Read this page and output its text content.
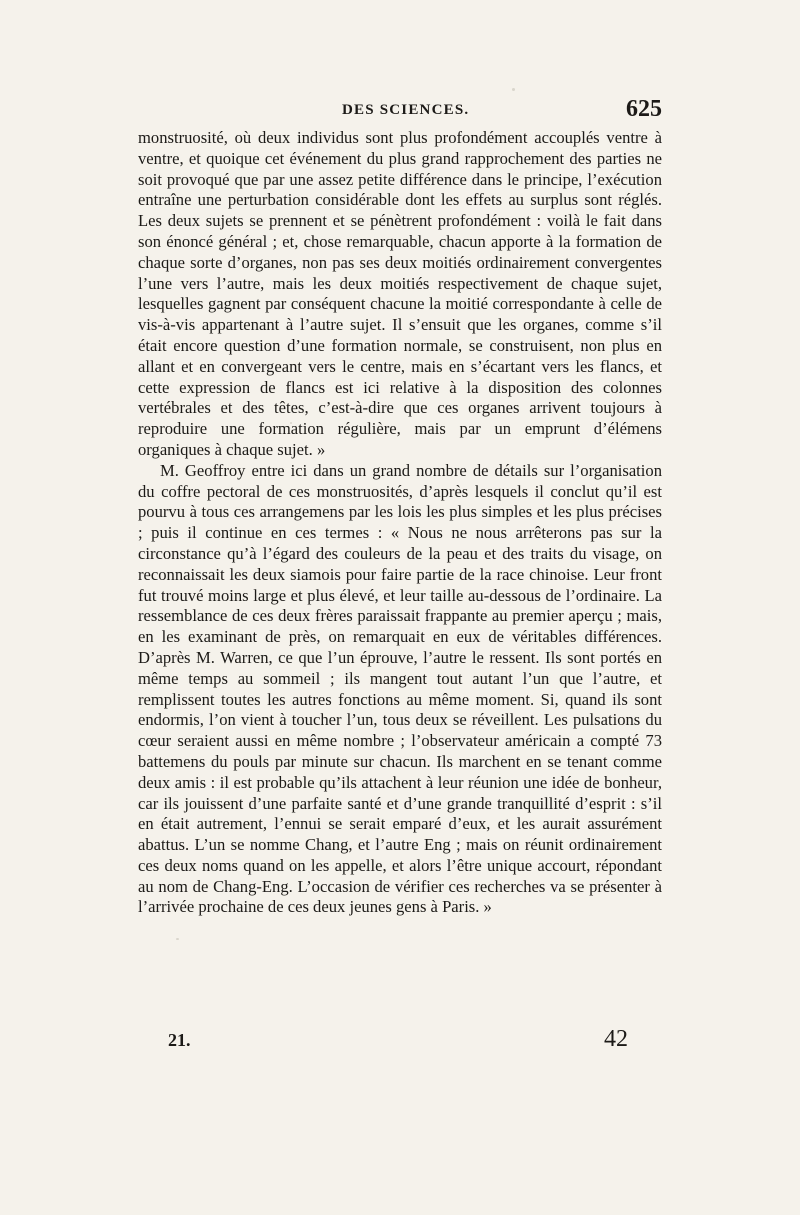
DES SCIENCES.	625

monstruosité, où deux individus sont plus profondément accouplés ventre à ventre, et quoique cet événement du plus grand rapprochement des parties ne soit provoqué que par une assez petite différence dans le principe, l’exécution entraîne une perturbation considérable dont les effets au surplus sont réglés. Les deux sujets se prennent et se pénètrent profondément : voilà le fait dans son énoncé général ; et, chose remarquable, chacun apporte à la formation de chaque sorte d’organes, non pas ses deux moitiés ordinairement convergentes l’une vers l’autre, mais les deux moitiés respectivement de chaque sujet, lesquelles gagnent par conséquent chacune la moitié correspondante à celle de vis-à-vis appartenant à l’autre sujet. Il s’ensuit que les organes, comme s’il était encore question d’une formation normale, se construisent, non plus en allant et en convergeant vers le centre, mais en s’écartant vers les flancs, et cette expression de flancs est ici relative à la disposition des colonnes vertébrales et des têtes, c’est-à-dire que ces organes arrivent toujours à reproduire une formation régulière, mais par un emprunt d’élémens organiques à chaque sujet. »

M. Geoffroy entre ici dans un grand nombre de détails sur l’organisation du coffre pectoral de ces monstruosités, d’après lesquels il conclut qu’il est pourvu à tous ces arrangemens par les lois les plus simples et les plus précises ; puis il continue en ces termes : « Nous ne nous arrêterons pas sur la circonstance qu’à l’égard des couleurs de la peau et des traits du visage, on reconnaissait les deux siamois pour faire partie de la race chinoise. Leur front fut trouvé moins large et plus élevé, et leur taille au-dessous de l’ordinaire. La ressemblance de ces deux frères paraissait frappante au premier aperçu ; mais, en les examinant de près, on remarquait en eux de véritables différences. D’après M. Warren, ce que l’un éprouve, l’autre le ressent. Ils sont portés en même temps au sommeil ; ils mangent tout autant l’un que l’autre, et remplissent toutes les autres fonctions au même moment. Si, quand ils sont endormis, l’on vient à toucher l’un, tous deux se réveillent. Les pulsations du cœur seraient aussi en même nombre ; l’observateur américain a compté 73 battemens du pouls par minute sur chacun. Ils marchent en se tenant comme deux amis : il est probable qu’ils attachent à leur réunion une idée de bonheur, car ils jouissent d’une parfaite santé et d’une grande tranquillité d’esprit : s’il en était autrement, l’ennui se serait emparé d’eux, et les aurait assurément abattus. L’un se nomme Chang, et l’autre Eng ; mais on réunit ordinairement ces deux noms quand on les appelle, et alors l’être unique accourt, répondant au nom de Chang-Eng. L’occasion de vérifier ces recherches va se présenter à l’arrivée prochaine de ces deux jeunes gens à Paris. »

21.	42
